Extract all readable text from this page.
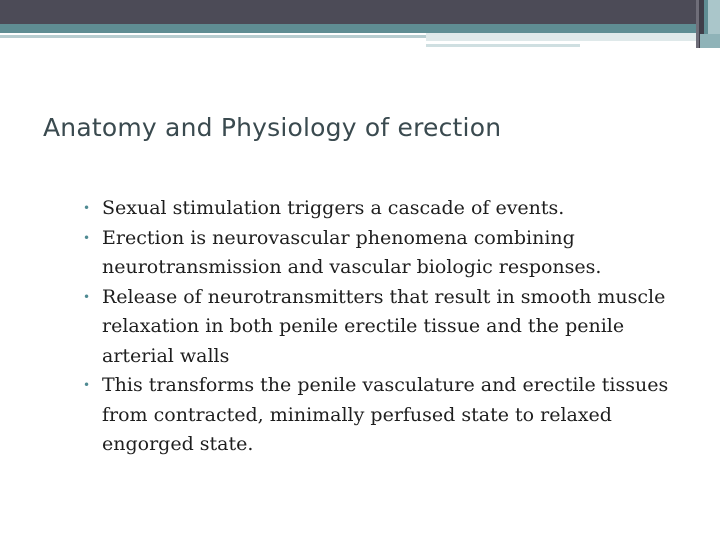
Anatomy and Physiology of erection
• Sexual stimulation triggers a cascade of events.
• Erection is neurovascular phenomena combining neurotransmission and vascular biologic responses.
• Release of neurotransmitters that result in smooth muscle relaxation in both penile erectile tissue and the penile arterial walls
• This transforms the penile vasculature and erectile tissues from contracted, minimally perfused state to relaxed engorged state.
